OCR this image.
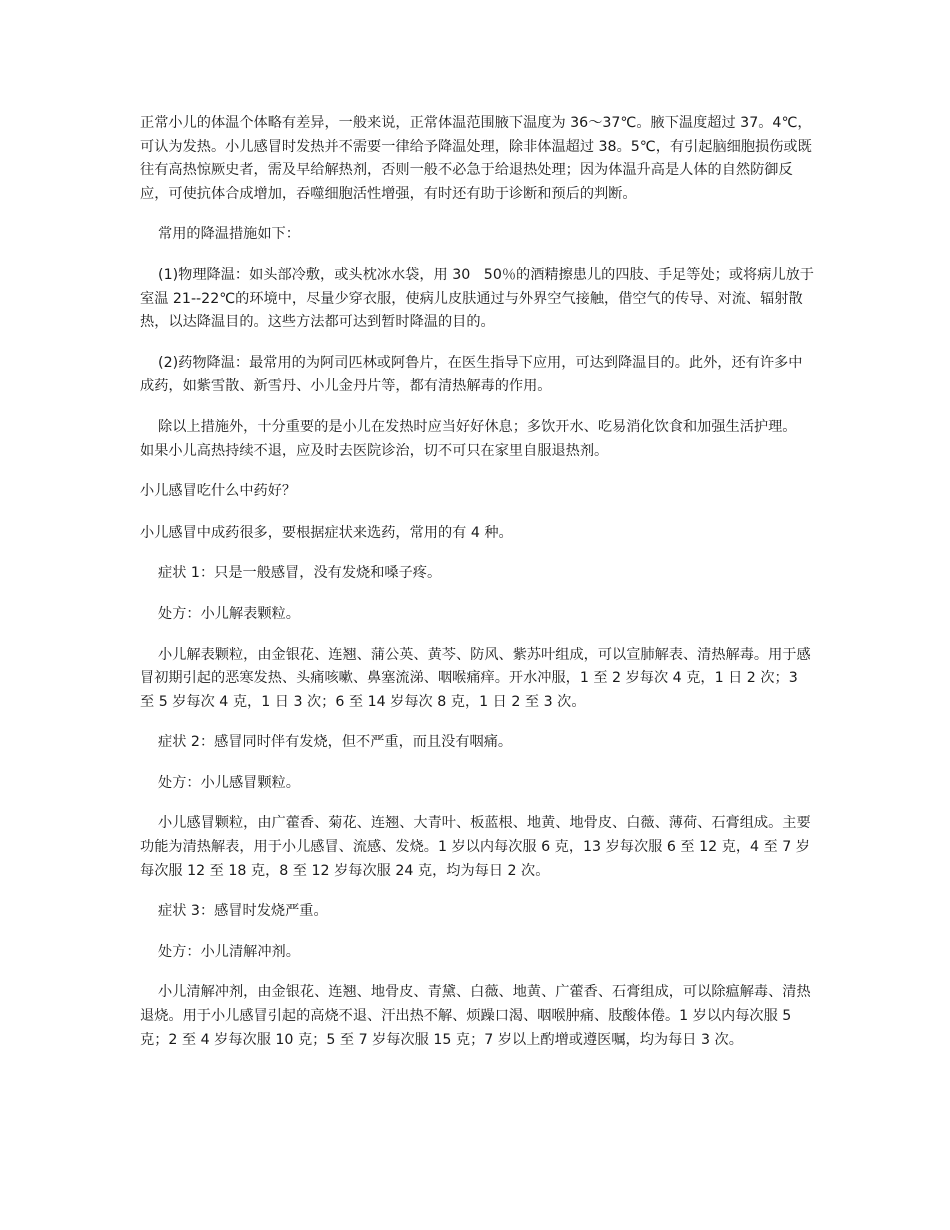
正常小儿的体温个体略有差异，一般来说，正常体温范围腋下温度为 36～37℃。腋下温度超过 37。4℃，可认为发热。小儿感冒时发热并不需要一律给予降温处理，除非体温超过 38。5℃，有引起脑细胞损伤或既往有高热惊厥史者，需及早给解热剂，否则一般不必急于给退热处理；因为体温升高是人体的自然防御反应，可使抗体合成增加，吞噬细胞活性增强，有时还有助于诊断和预后的判断。

常用的降温措施如下：

(1)物理降温：如头部冷敷，或头枕冰水袋，用 30   50％的酒精擦患儿的四肢、手足等处；或将病儿放于室温 21--22℃的环境中，尽量少穿衣服，使病儿皮肤通过与外界空气接触，借空气的传导、对流、辐射散热，以达降温目的。这些方法都可达到暂时降温的目的。

(2)药物降温：最常用的为阿司匹林或阿鲁片，在医生指导下应用，可达到降温目的。此外，还有许多中成药，如紫雪散、新雪丹、小儿金丹片等，都有清热解毒的作用。

除以上措施外，十分重要的是小儿在发热时应当好好休息；多饮开水、吃易消化饮食和加强生活护理。 如果小儿高热持续不退，应及时去医院诊治，切不可只在家里自服退热剂。

小儿感冒吃什么中药好？

小儿感冒中成药很多，要根据症状来选药，常用的有 4 种。

症状 1：只是一般感冒，没有发烧和嗓子疼。

处方：小儿解表颗粒。

小儿解表颗粒，由金银花、连翘、蒲公英、黄芩、防风、紫苏叶组成，可以宣肺解表、清热解毒。用于感冒初期引起的恶寒发热、头痛咳嗽、鼻塞流涕、咽喉痛痒。开水冲服，1 至 2 岁每次 4 克，1 日 2 次；3 至 5 岁每次 4 克，1 日 3 次；6 至 14 岁每次 8 克，1 日 2 至 3 次。

症状 2：感冒同时伴有发烧，但不严重，而且没有咽痛。

处方：小儿感冒颗粒。

小儿感冒颗粒，由广藿香、菊花、连翘、大青叶、板蓝根、地黄、地骨皮、白薇、薄荷、石膏组成。主要功能为清热解表，用于小儿感冒、流感、发烧。1 岁以内每次服 6 克，13 岁每次服 6 至 12 克，4 至 7 岁每次服 12 至 18 克，8 至 12 岁每次服 24 克，均为每日 2 次。

症状 3：感冒时发烧严重。

处方：小儿清解冲剂。

小儿清解冲剂，由金银花、连翘、地骨皮、青黛、白薇、地黄、广藿香、石膏组成，可以除瘟解毒、清热退烧。用于小儿感冒引起的高烧不退、汗出热不解、烦躁口渴、咽喉肿痛、肢酸体倦。1 岁以内每次服 5 克；2 至 4 岁每次服 10 克；5 至 7 岁每次服 15 克；7 岁以上酌增或遵医嘱，均为每日 3 次。
